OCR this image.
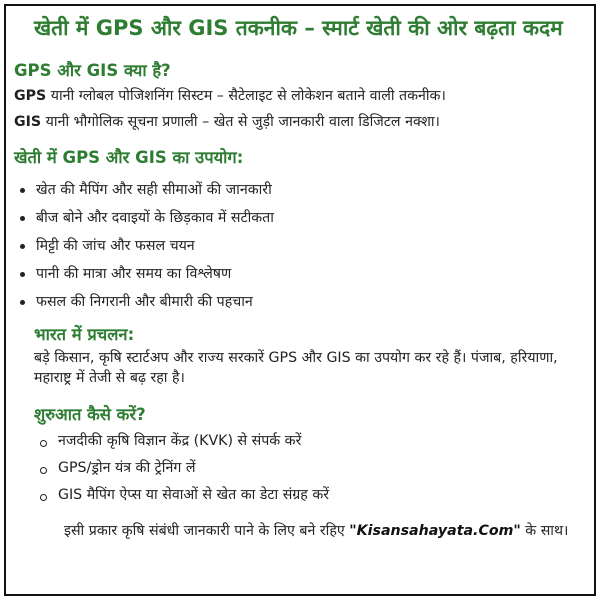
खेती में GPS और GIS तकनीक – स्मार्ट खेती की ओर बढ़ता कदम
GPS और GIS क्या है?
GPS यानी ग्लोबल पोजिशनिंग सिस्टम – सैटेलाइट से लोकेशन बताने वाली तकनीक।
GIS यानी भौगोलिक सूचना प्रणाली – खेत से जुड़ी जानकारी वाला डिजिटल नक्शा।
खेती में GPS और GIS का उपयोग:
खेत की मैपिंग और सही सीमाओं की जानकारी
बीज बोने और दवाइयों के छिड़काव में सटीकता
मिट्टी की जांच और फसल चयन
पानी की मात्रा और समय का विश्लेषण
फसल की निगरानी और बीमारी की पहचान
भारत में प्रचलन:
बड़े किसान, कृषि स्टार्टअप और राज्य सरकारें GPS और GIS का उपयोग कर रहे हैं। पंजाब, हरियाणा, महाराष्ट्र में तेजी से बढ़ रहा है।
शुरुआत कैसे करें?
नजदीकी कृषि विज्ञान केंद्र (KVK) से संपर्क करें
GPS/ड्रोन यंत्र की ट्रेनिंग लें
GIS मैपिंग ऐप्स या सेवाओं से खेत का डेटा संग्रह करें
इसी प्रकार कृषि संबंधी जानकारी पाने के लिए बने रहिए "Kisansahayata.Com" के साथ।
